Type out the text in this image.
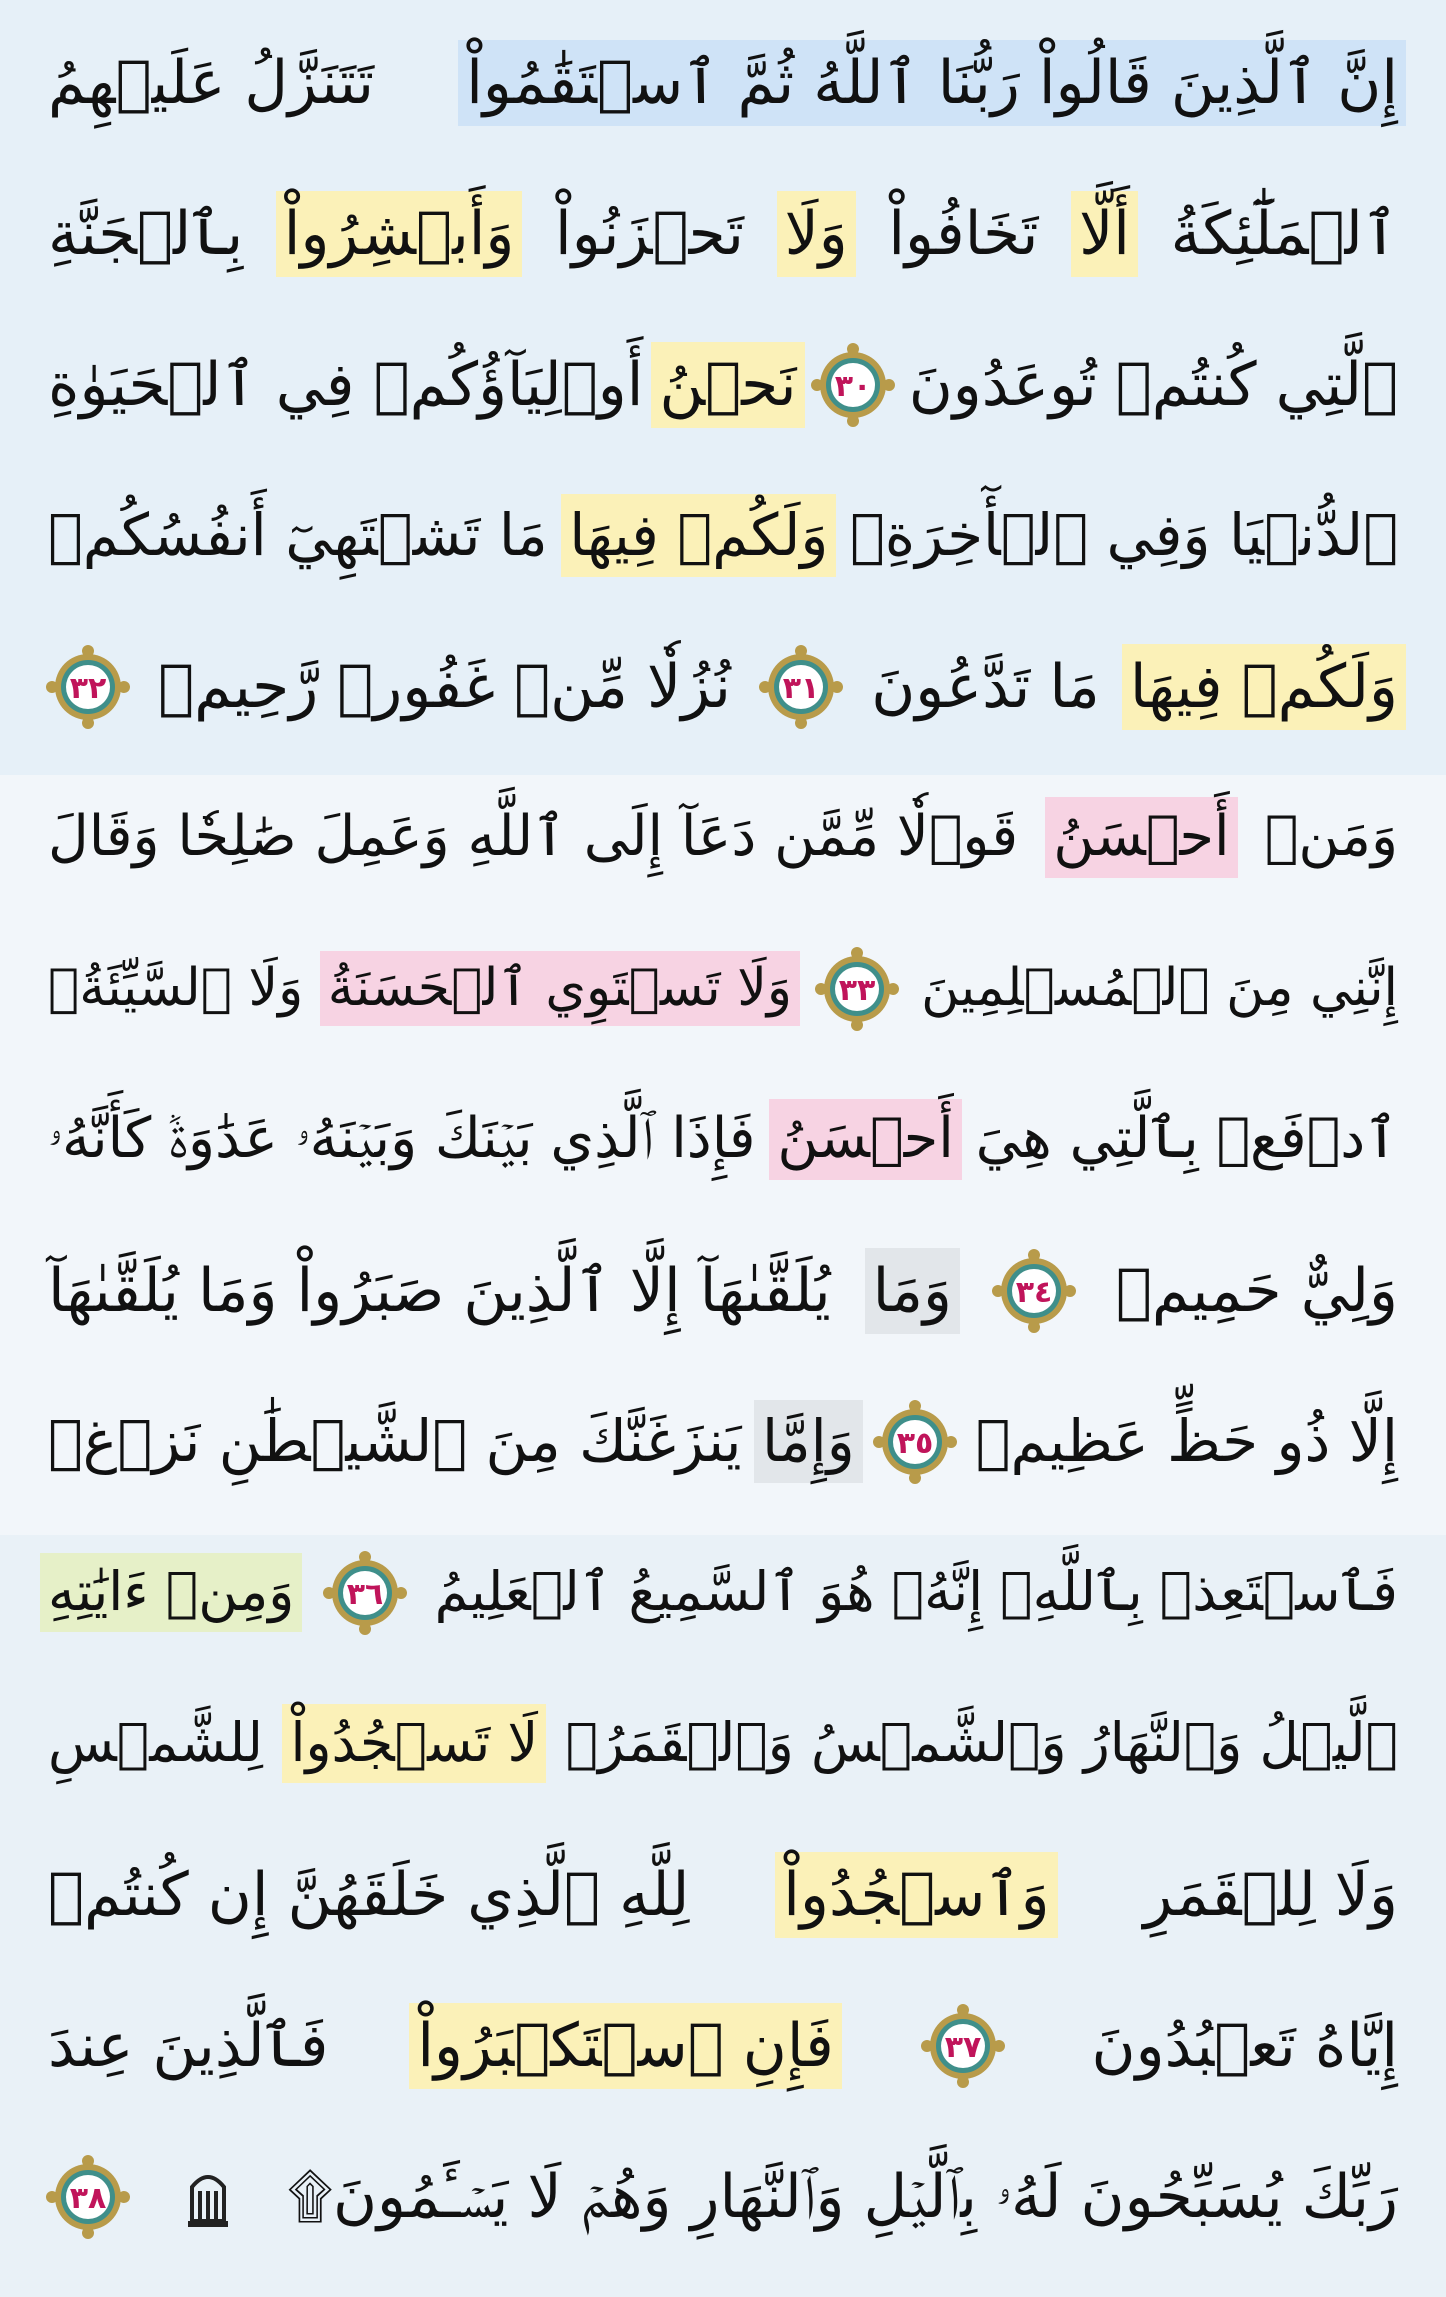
إِنَّ ٱلَّذِينَ قَالُواْ رَبُّنَا ٱللَّهُ ثُمَّ ٱسۡتَقَٰمُواْ
تَتَنَزَّلُ عَلَيۡهِمُ
ٱلۡمَلَٰٓئِكَةُ
أَلَّا
تَخَافُواْ
وَلَا
تَحۡزَنُواْ
وَأَبۡشِرُواْ
بِٱلۡجَنَّةِ
ٱلَّتِي كُنتُمۡ تُوعَدُونَ
٣٠
نَحۡنُ
أَوۡلِيَآؤُكُمۡ فِي ٱلۡحَيَوٰةِ
ٱلدُّنۡيَا وَفِي ٱلۡأٓخِرَةِۖ
وَلَكُمۡ فِيهَا
مَا تَشۡتَهِيٓ أَنفُسُكُمۡ
وَلَكُمۡ فِيهَا
مَا تَدَّعُونَ
٣١
نُزُلٗا مِّنۡ غَفُورٖ رَّحِيمٖ
٣٢
وَمَنۡ
أَحۡسَنُ
قَوۡلٗا مِّمَّن دَعَآ إِلَى ٱللَّهِ وَعَمِلَ صَٰلِحٗا وَقَالَ
إِنَّنِي مِنَ ٱلۡمُسۡلِمِينَ
٣٣
وَلَا تَسۡتَوِي ٱلۡحَسَنَةُ
وَلَا ٱلسَّيِّئَةُۚ
ٱدۡفَعۡ بِٱلَّتِي هِيَ
أَحۡسَنُ
فَإِذَا ٱلَّذِي بَيۡنَكَ وَبَيۡنَهُۥ عَدَٰوَةٞ كَأَنَّهُۥ
وَلِيٌّ حَمِيمٞ
٣٤
وَمَا
يُلَقَّىٰهَآ إِلَّا ٱلَّذِينَ صَبَرُواْ وَمَا يُلَقَّىٰهَآ
إِلَّا ذُو حَظٍّ عَظِيمٖ
٣٥
وَإِمَّا
يَنزَغَنَّكَ مِنَ ٱلشَّيۡطَٰنِ نَزۡغٞ
فَٱسۡتَعِذۡ بِٱللَّهِۖ إِنَّهُۥ هُوَ ٱلسَّمِيعُ ٱلۡعَلِيمُ
٣٦
وَمِنۡ ءَايَٰتِهِ
ٱلَّيۡلُ وَٱلنَّهَارُ وَٱلشَّمۡسُ وَٱلۡقَمَرُۚ
لَا تَسۡجُدُواْ
لِلشَّمۡسِ
وَلَا لِلۡقَمَرِ
وَٱسۡجُدُواْ
لِلَّهِ ٱلَّذِي خَلَقَهُنَّ إِن كُنتُمۡ
إِيَّاهُ تَعۡبُدُونَ
٣٧
فَإِنِ ٱسۡتَكۡبَرُواْ
فَٱلَّذِينَ عِندَ
رَبِّكَ يُسَبِّحُونَ لَهُۥ بِٱلَّيۡلِ وَٱلنَّهَارِ وَهُمۡ لَا يَسۡـَٔمُونَ۩
٣٨
